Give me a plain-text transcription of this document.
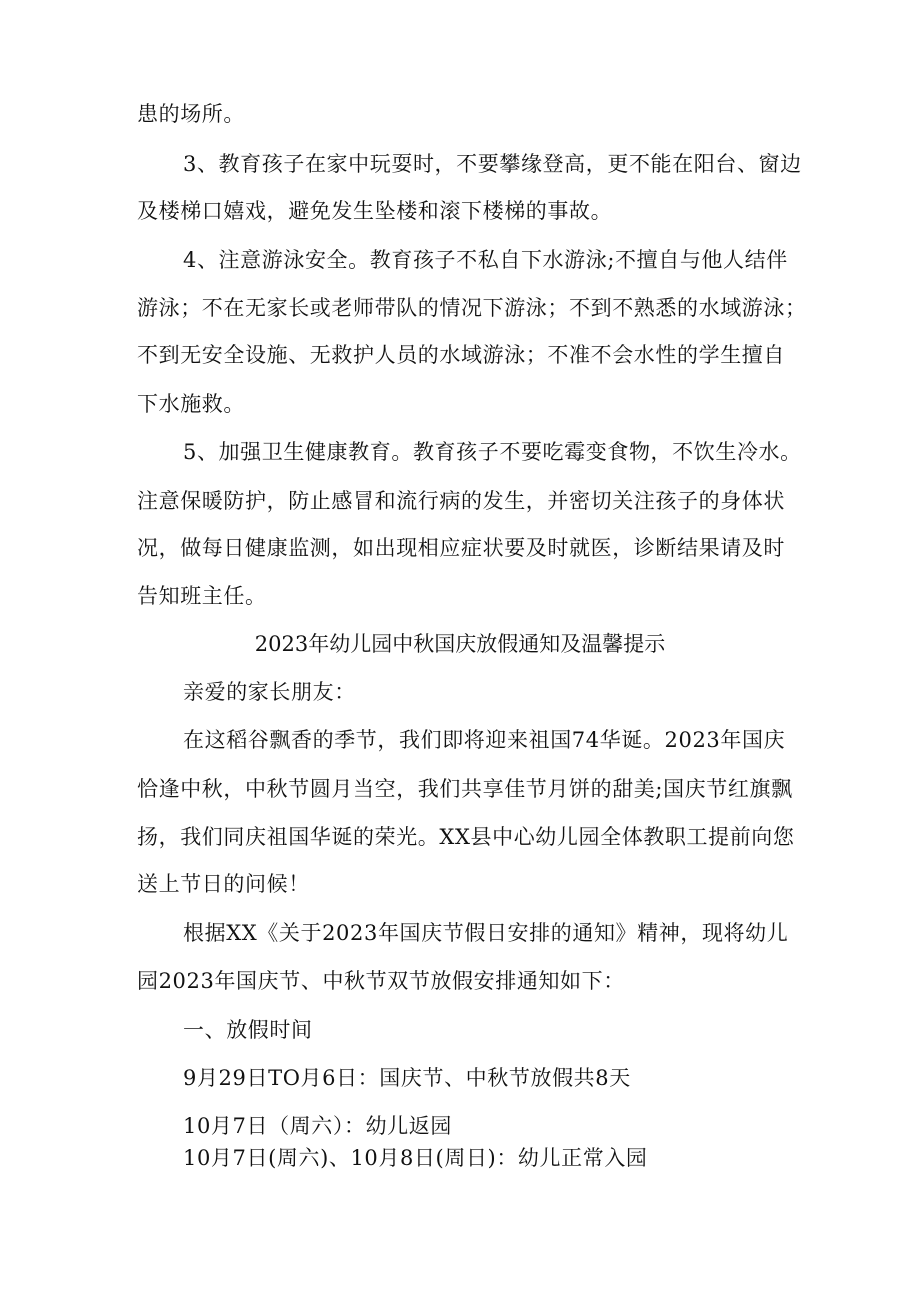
患的场所。
3、教育孩子在家中玩耍时，不要攀缘登高，更不能在阳台、窗边
及楼梯口嬉戏，避免发生坠楼和滚下楼梯的事故。
4、注意游泳安全。教育孩子不私自下水游泳;不擅自与他人结伴
游泳；不在无家长或老师带队的情况下游泳；不到不熟悉的水域游泳；
不到无安全设施、无救护人员的水域游泳；不准不会水性的学生擅自
下水施救。
5、加强卫生健康教育。教育孩子不要吃霉变食物，不饮生冷水。
注意保暖防护，防止感冒和流行病的发生，并密切关注孩子的身体状
况，做每日健康监测，如出现相应症状要及时就医，诊断结果请及时
告知班主任。
2023年幼儿园中秋国庆放假通知及温馨提示
亲爱的家长朋友：
在这稻谷飘香的季节，我们即将迎来祖国74华诞。2023年国庆
恰逢中秋，中秋节圆月当空，我们共享佳节月饼的甜美;国庆节红旗飘
扬，我们同庆祖国华诞的荣光。XX县中心幼儿园全体教职工提前向您
送上节日的问候！
根据XX《关于2023年国庆节假日安排的通知》精神，现将幼儿
园2023年国庆节、中秋节双节放假安排通知如下：
一、放假时间
9月29日TO月6日：国庆节、中秋节放假共8天
10月7日（周六）：幼儿返园
10月7日(周六)、10月8日(周日)：幼儿正常入园
